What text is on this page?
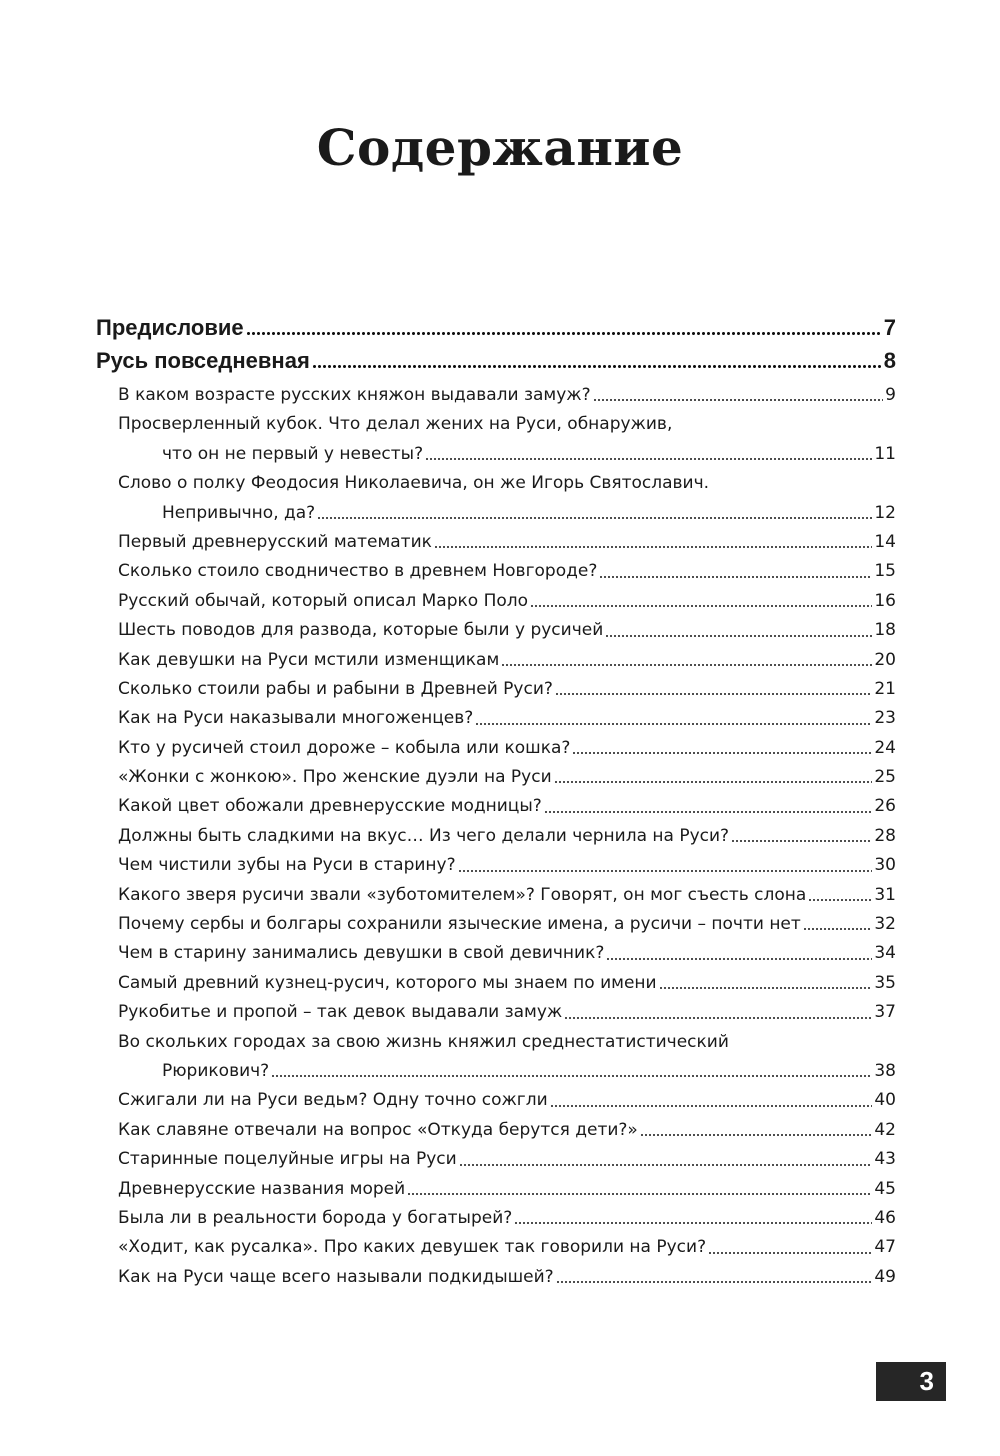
Содержание
Предисловие	7
Русь повседневная	8
В каком возрасте русских княжон выдавали замуж?	9
Просверленный кубок. Что делал жених на Руси, обнаружив,
что он не первый у невесты?	11
Слово о полку Феодосия Николаевича, он же Игорь Святославич.
Непривычно, да?	12
Первый древнерусский математик	14
Сколько стоило сводничество в древнем Новгороде?	15
Русский обычай, который описал Марко Поло	16
Шесть поводов для развода, которые были у русичей	18
Как девушки на Руси мстили изменщикам	20
Сколько стоили рабы и рабыни в Древней Руси?	21
Как на Руси наказывали многоженцев?	23
Кто у русичей стоил дороже – кобыла или кошка?	24
«Жонки с жонкою». Про женские дуэли на Руси	25
Какой цвет обожали древнерусские модницы?	26
Должны быть сладкими на вкус… Из чего делали чернила на Руси?	28
Чем чистили зубы на Руси в старину?	30
Какого зверя русичи звали «зуботомителем»? Говорят, он мог съесть слона	31
Почему сербы и болгары сохранили языческие имена, а русичи – почти нет	32
Чем в старину занимались девушки в свой девичник?	34
Самый древний кузнец-русич, которого мы знаем по имени	35
Рукобитье и пропой – так девок выдавали замуж	37
Во скольких городах за свою жизнь княжил среднестатистический
Рюрикович?	38
Сжигали ли на Руси ведьм? Одну точно сожгли	40
Как славяне отвечали на вопрос «Откуда берутся дети?»	42
Старинные поцелуйные игры на Руси	43
Древнерусские названия морей	45
Была ли в реальности борода у богатырей?	46
«Ходит, как русалка». Про каких девушек так говорили на Руси?	47
Как на Руси чаще всего называли подкидышей?	49
3
